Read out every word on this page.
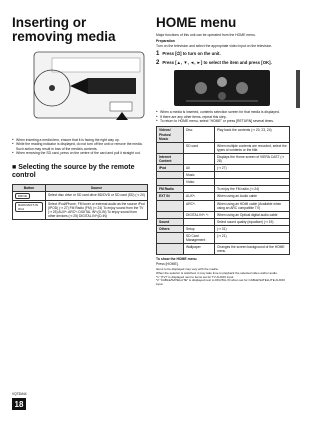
Inserting or removing media
● When inserting a media item, ensure that it is facing the right way up.
● While the reading indicator is displayed, do not turn off the unit or remove the media. Such action may result in loss of the media's contents.
● When removing the SD card, press on the centre of the card and pull it straight out.
■ Selecting the source by the remote control
Button	Source
DRIVE	Select disc drive or SD card drive BD/DVD or SD card (SD) (⇒ 20)
RADIO/EXT-IN iPod	Select iPod/iPhone, FM tuner or external audio as the source iPod (IPOD) (⇒ 27) FM Radio (FM) (⇒ 24) To enjoy sound from the TV (⇒ 25) AUX*¹ ARC*¹ DIGITAL IN*¹(D-IN) To enjoy sound from other devices (⇒ 25) DIGITAL IN*¹(D-IN)
HOME menu
Major functions of this unit can be operated from the HOME menu.
Preparation
Turn on the television and select the appropriate video input on the television.
1 Press [⏻] to turn on the unit.
2 Press [▲, ▼, ◄, ►] to select the item and press [OK].
● When a media is inserted, contents selection screen for that media is displayed.
● If there are any other items, repeat this step.
● To return to HOME menu, select "HOME" or press [RETURN] several times.
Videos/ Photos/ Music	Disc	Play back the contents (⇒ 20, 23, 24)
	SD card	When multiple contents are recorded, select the types of contents or the title.
Internet Content		Displays the Home screen of VIERA CAST (⇒ 28)
iPod	All	(⇒ 27)
	Music	
	Video	
FM Radio		To enjoy the FM radio (⇒ 24)
EXT IN	AUX*¹	When using an Audio cable
	ARC*¹	When using an HDMI cable (Available when using an ARC compatible TV)
	DIGITAL IN*¹ *²	When using an Optical digital audio cable
Sound		Select sound quality (equaliser) (⇒ 19)
Others	Setup	(⇒ 31)
	SD Card Management	(⇒ 21)
	Wallpaper	Changes the screen background of the HOME menu.
To show the HOME menu
Press [HOME].
Items to be displayed may vary with the media.
When the selector is switched, it may take time to playback the selected video and/or audio.
*1 "(TV)" is displayed next to items set for TV AUDIO input.
*2 "CABLE/SATELLITE" is displayed next to DIGITAL IN when set for CABLE/SATELLITE AUDIO input.
VQT3M44
18
